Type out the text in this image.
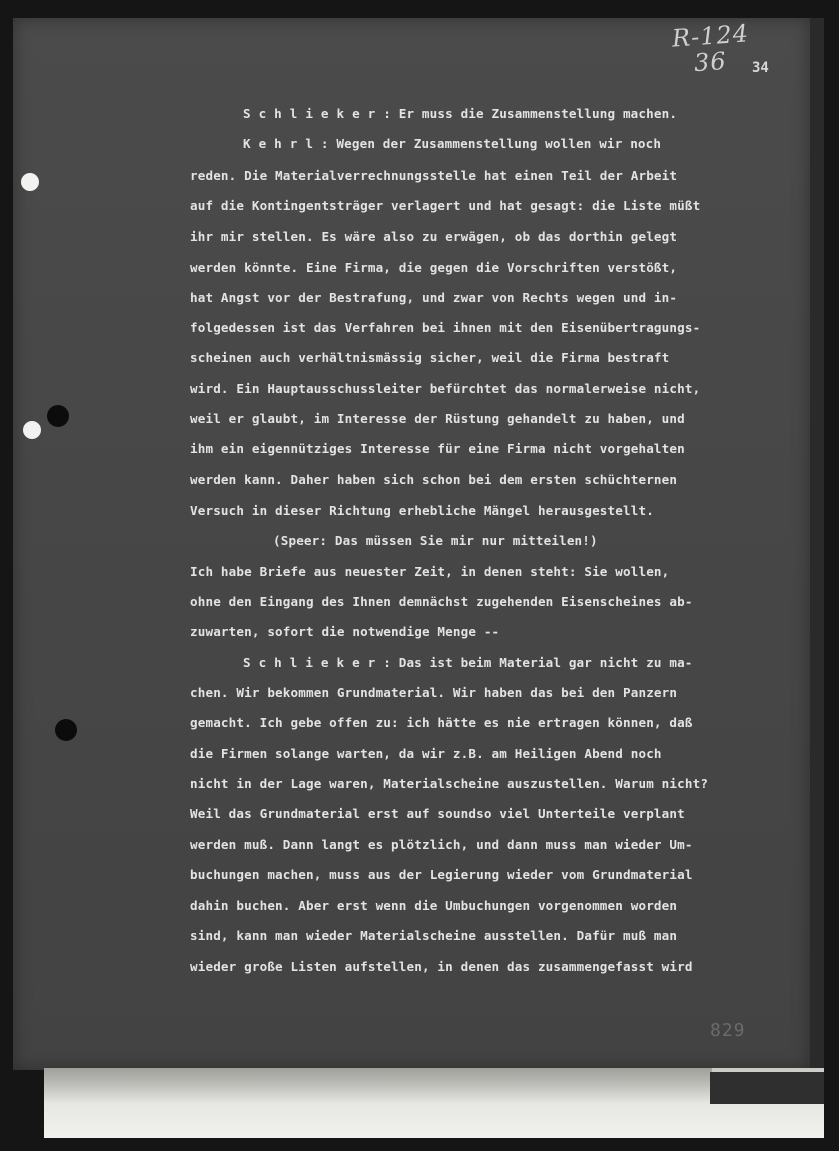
R-124
36 34
829
Schlieker: Er muss die Zusammenstellung machen.
Kehrl: Wegen der Zusammenstellung wollen wir noch
reden. Die Materialverrechnungsstelle hat einen Teil der Arbeit
auf die Kontingentsträger verlagert und hat gesagt: die Liste müßt
ihr mir stellen. Es wäre also zu erwägen, ob das dorthin gelegt
werden könnte. Eine Firma, die gegen die Vorschriften verstößt,
hat Angst vor der Bestrafung, und zwar von Rechts wegen und in-
folgedessen ist das Verfahren bei ihnen mit den Eisenübertragungs-
scheinen auch verhältnismässig sicher, weil die Firma bestraft
wird. Ein Hauptausschussleiter befürchtet das normalerweise nicht,
weil er glaubt, im Interesse der Rüstung gehandelt zu haben, und
ihm ein eigennütziges Interesse für eine Firma nicht vorgehalten
werden kann. Daher haben sich schon bei dem ersten schüchternen
Versuch in dieser Richtung erhebliche Mängel herausgestellt.
(Speer: Das müssen Sie mir nur mitteilen!)
Ich habe Briefe aus neuester Zeit, in denen steht: Sie wollen,
ohne den Eingang des Ihnen demnächst zugehenden Eisenscheines ab-
zuwarten, sofort die notwendige Menge --
Schlieker: Das ist beim Material gar nicht zu ma-
chen. Wir bekommen Grundmaterial. Wir haben das bei den Panzern
gemacht. Ich gebe offen zu: ich hätte es nie ertragen können, daß
die Firmen solange warten, da wir z.B. am Heiligen Abend noch
nicht in der Lage waren, Materialscheine auszustellen. Warum nicht?
Weil das Grundmaterial erst auf soundso viel Unterteile verplant
werden muß. Dann langt es plötzlich, und dann muss man wieder Um-
buchungen machen, muss aus der Legierung wieder vom Grundmaterial
dahin buchen. Aber erst wenn die Umbuchungen vorgenommen worden
sind, kann man wieder Materialscheine ausstellen. Dafür muß man
wieder große Listen aufstellen, in denen das zusammengefasst wird
